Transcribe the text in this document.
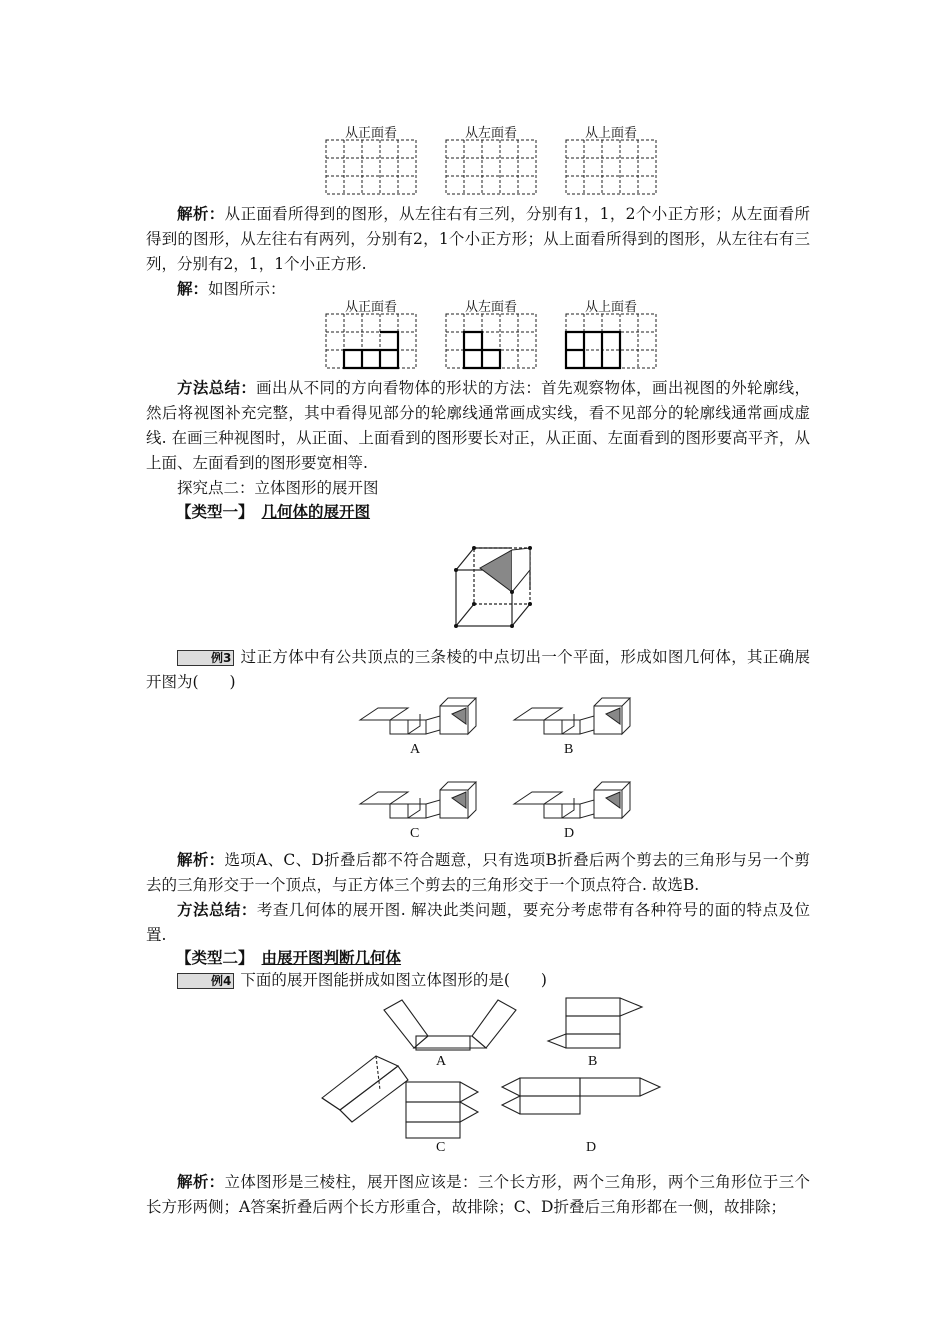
从正面看	从左面看	从上面看
解析：从正面看所得到的图形，从左往右有三列，分别有1，1，2个小正方形；从左面看所得到的图形，从左往右有两列，分别有2，1个小正方形；从上面看所得到的图形，从左往右有三列，分别有2，1，1个小正方形.
解：如图所示：
从正面看	从左面看	从上面看
方法总结：画出从不同的方向看物体的形状的方法：首先观察物体，画出视图的外轮廓线，然后将视图补充完整，其中看得见部分的轮廓线通常画成实线，看不见部分的轮廓线通常画成虚线. 在画三种视图时，从正面、上面看到的图形要长对正，从正面、左面看到的图形要高平齐，从上面、左面看到的图形要宽相等.
探究点二：立体图形的展开图
【类型一】 几何体的展开图
例3 过正方体中有公共顶点的三条棱的中点切出一个平面，形成如图几何体，其正确展开图为(　　)
A	B
C	D
解析：选项A、C、D折叠后都不符合题意，只有选项B折叠后两个剪去的三角形与另一个剪去的三角形交于一个顶点，与正方体三个剪去的三角形交于一个顶点符合. 故选B.
方法总结：考查几何体的展开图. 解决此类问题，要充分考虑带有各种符号的面的特点及位置.
【类型二】 由展开图判断几何体
例4 下面的展开图能拼成如图立体图形的是(　　)
A	B
C	D
解析：立体图形是三棱柱，展开图应该是：三个长方形，两个三角形，两个三角形位于三个长方形两侧；A答案折叠后两个长方形重合，故排除；C、D折叠后三角形都在一侧，故排除；
